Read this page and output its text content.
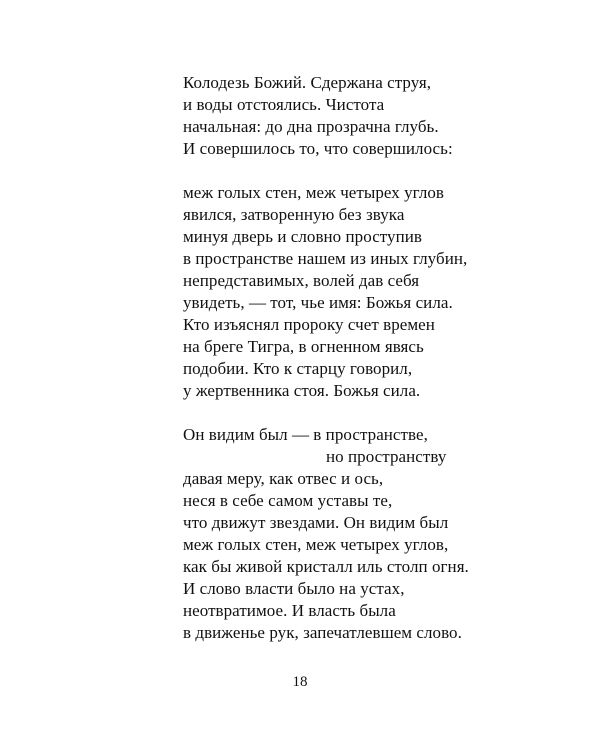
Колодезь Божий. Сдержана струя,
и воды отстоялись. Чистота
начальная: до дна прозрачна глубь.
И совершилось то, что совершилось:
меж голых стен, меж четырех углов
явился, затворенную без звука
минуя дверь и словно проступив
в пространстве нашем из иных глубин,
непредставимых, волей дав себя
увидеть, — тот, чье имя: Божья сила.
Кто изъяснял пророку счет времен
на бреге Тигра, в огненном явясь
подобии. Кто к старцу говорил,
у жертвенника стоя. Божья сила.
Он видим был — в пространстве,
но пространству
давая меру, как отвес и ось,
неся в себе самом уставы те,
что движут звездами. Он видим был
меж голых стен, меж четырех углов,
как бы живой кристалл иль столп огня.
И слово власти было на устах,
неотвратимое. И власть была
в движенье рук, запечатлевшем слово.
18
